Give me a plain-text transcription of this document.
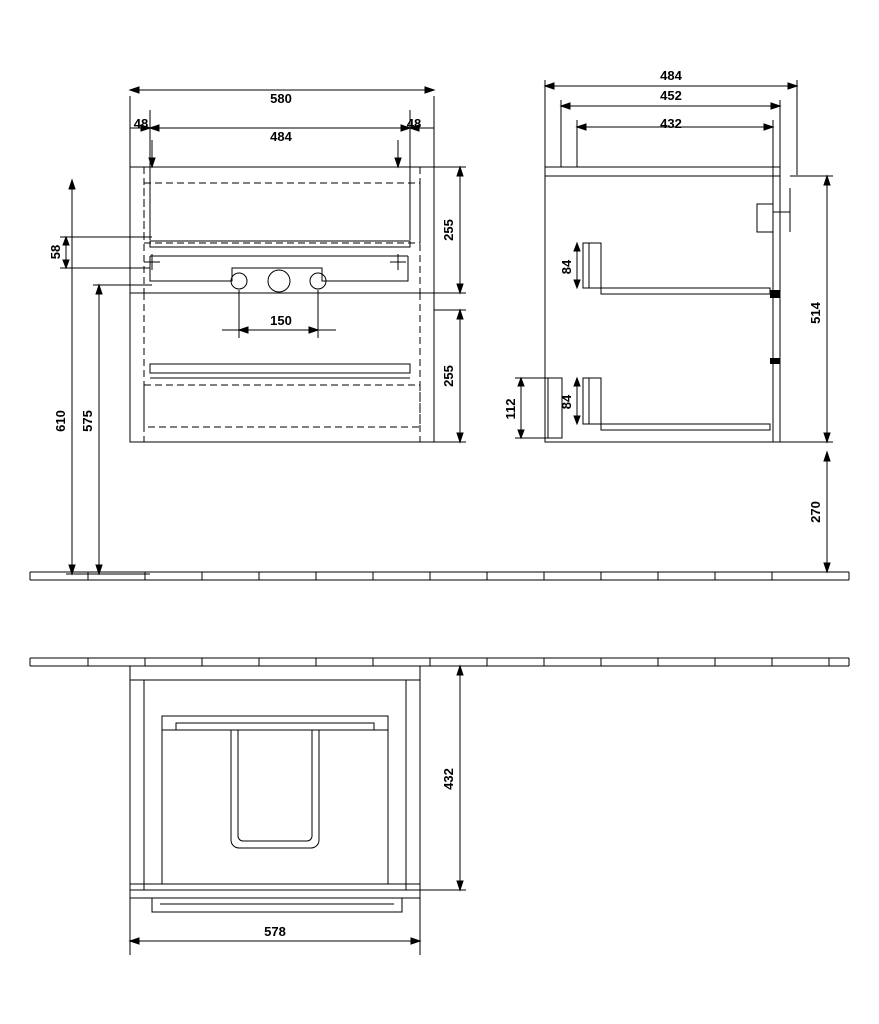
580
484
48	48
150
255
255
58
610 575
484
452
432
514
270
84
84
112
432
578
